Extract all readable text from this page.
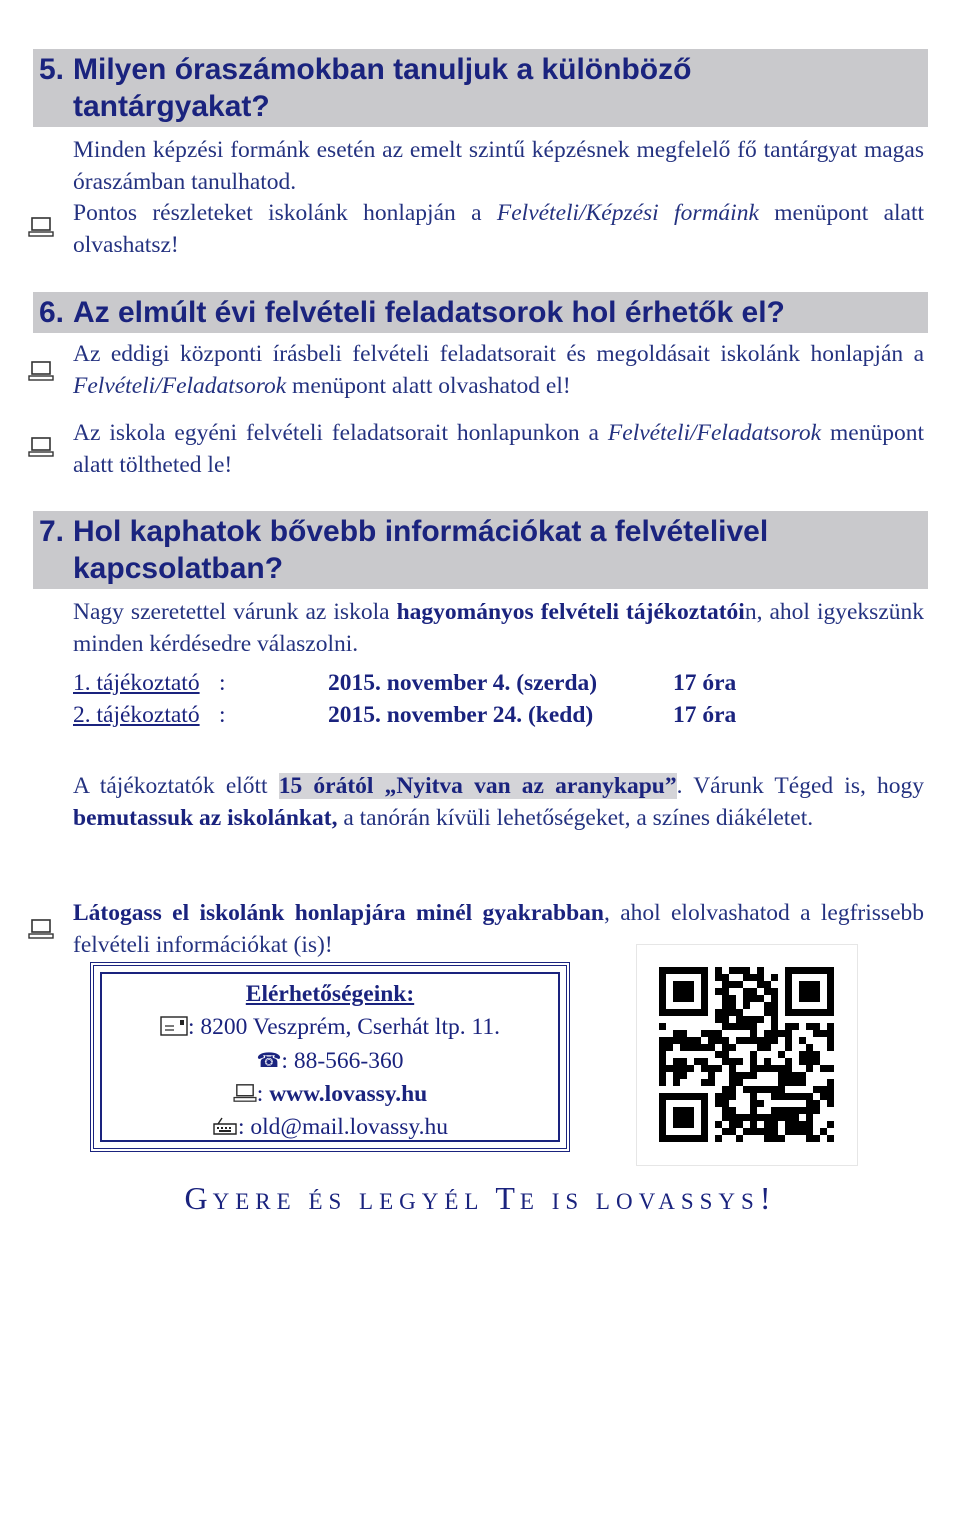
5. Milyen óraszámokban tanuljuk a különböző
tantárgyakat?
Minden képzési formánk esetén az emelt szintű képzésnek megfelelő fő tantárgyat magas óraszámban tanulhatod.
Pontos részleteket iskolánk honlapján a Felvételi/Képzési formáink menüpont alatt olvashatsz!
6. Az elmúlt évi felvételi feladatsorok hol érhetők el?
Az eddigi központi írásbeli felvételi feladatsorait és megoldásait iskolánk honlapján a Felvételi/Feladatsorok menüpont alatt olvashatod el!
Az iskola egyéni felvételi feladatsorait honlapunkon a Felvételi/Feladatsorok menüpont alatt töltheted le!
7. Hol kaphatok bővebb információkat a felvételivel
kapcsolatban?
Nagy szeretettel várunk az iskola hagyományos felvételi tájékoztatóin, ahol igyekszünk minden kérdésedre válaszolni.
1. tájékoztató :	2015. november 4. (szerda)	17 óra
2. tájékoztató :	2015. november 24. (kedd)	17 óra
A tájékoztatók előtt 15 órától „Nyitva van az aranykapu”. Várunk Téged is, hogy bemutassuk az iskolánkat, a tanórán kívüli lehetőségeket, a színes diákéletet.
Látogass el iskolánk honlapjára minél gyakrabban, ahol elolvashatod a legfrissebb felvételi információkat (is)!
Elérhetőségeink:
: 8200 Veszprém, Cserhát ltp. 11.
☎: 88-566-360
: www.lovassy.hu
: old@mail.lovassy.hu
GYERE ÉS LEGYÉL TE IS LOVASSYS!
